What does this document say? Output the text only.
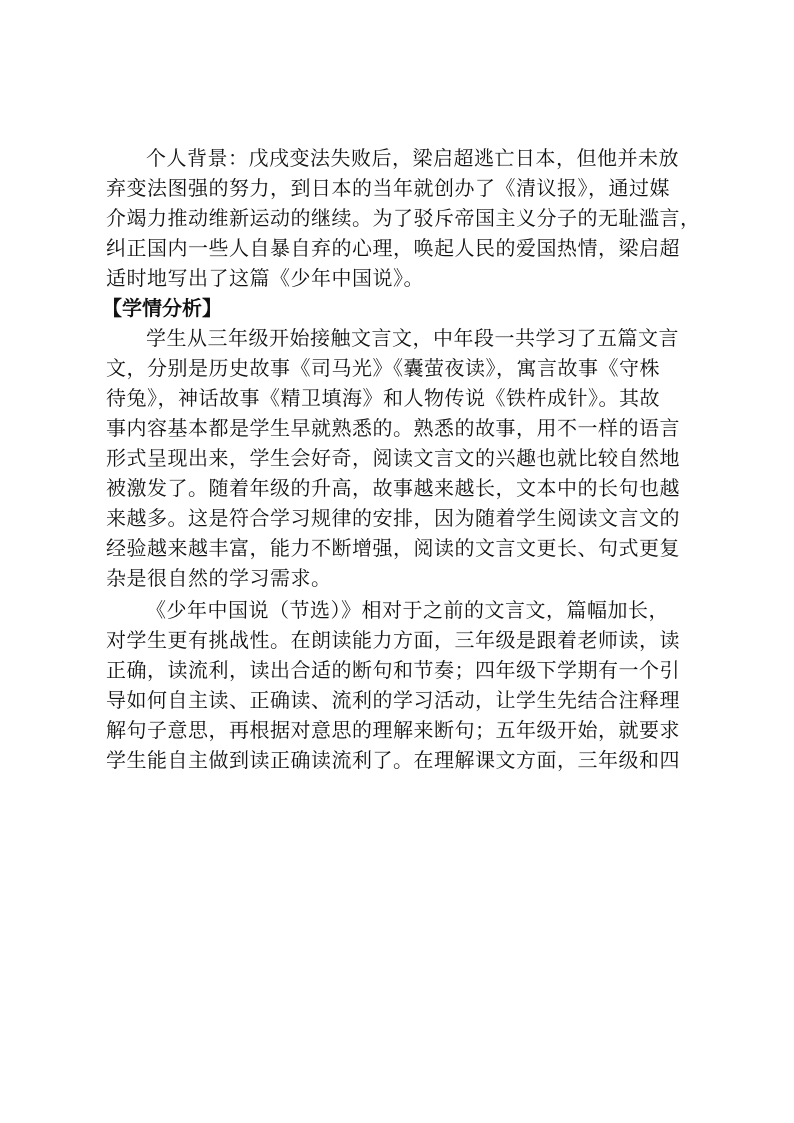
个人背景：戊戌变法失败后，梁启超逃亡日本，但他并未放
弃变法图强的努力，到日本的当年就创办了《清议报》，通过媒
介竭力推动维新运动的继续。为了驳斥帝国主义分子的无耻滥言，
纠正国内一些人自暴自弃的心理，唤起人民的爱国热情，梁启超
适时地写出了这篇《少年中国说》。
【学情分析】
学生从三年级开始接触文言文，中年段一共学习了五篇文言
文，分别是历史故事《司马光》《囊萤夜读》，寓言故事《守株
待兔》，神话故事《精卫填海》和人物传说《铁杵成针》。其故
事内容基本都是学生早就熟悉的。熟悉的故事，用不一样的语言
形式呈现出来，学生会好奇，阅读文言文的兴趣也就比较自然地
被激发了。随着年级的升高，故事越来越长，文本中的长句也越
来越多。这是符合学习规律的安排，因为随着学生阅读文言文的
经验越来越丰富，能力不断增强，阅读的文言文更长、句式更复
杂是很自然的学习需求。
《少年中国说（节选）》相对于之前的文言文，篇幅加长，
对学生更有挑战性。在朗读能力方面，三年级是跟着老师读，读
正确，读流利，读出合适的断句和节奏；四年级下学期有一个引
导如何自主读、正确读、流利的学习活动，让学生先结合注释理
解句子意思，再根据对意思的理解来断句；五年级开始，就要求
学生能自主做到读正确读流利了。在理解课文方面，三年级和四
